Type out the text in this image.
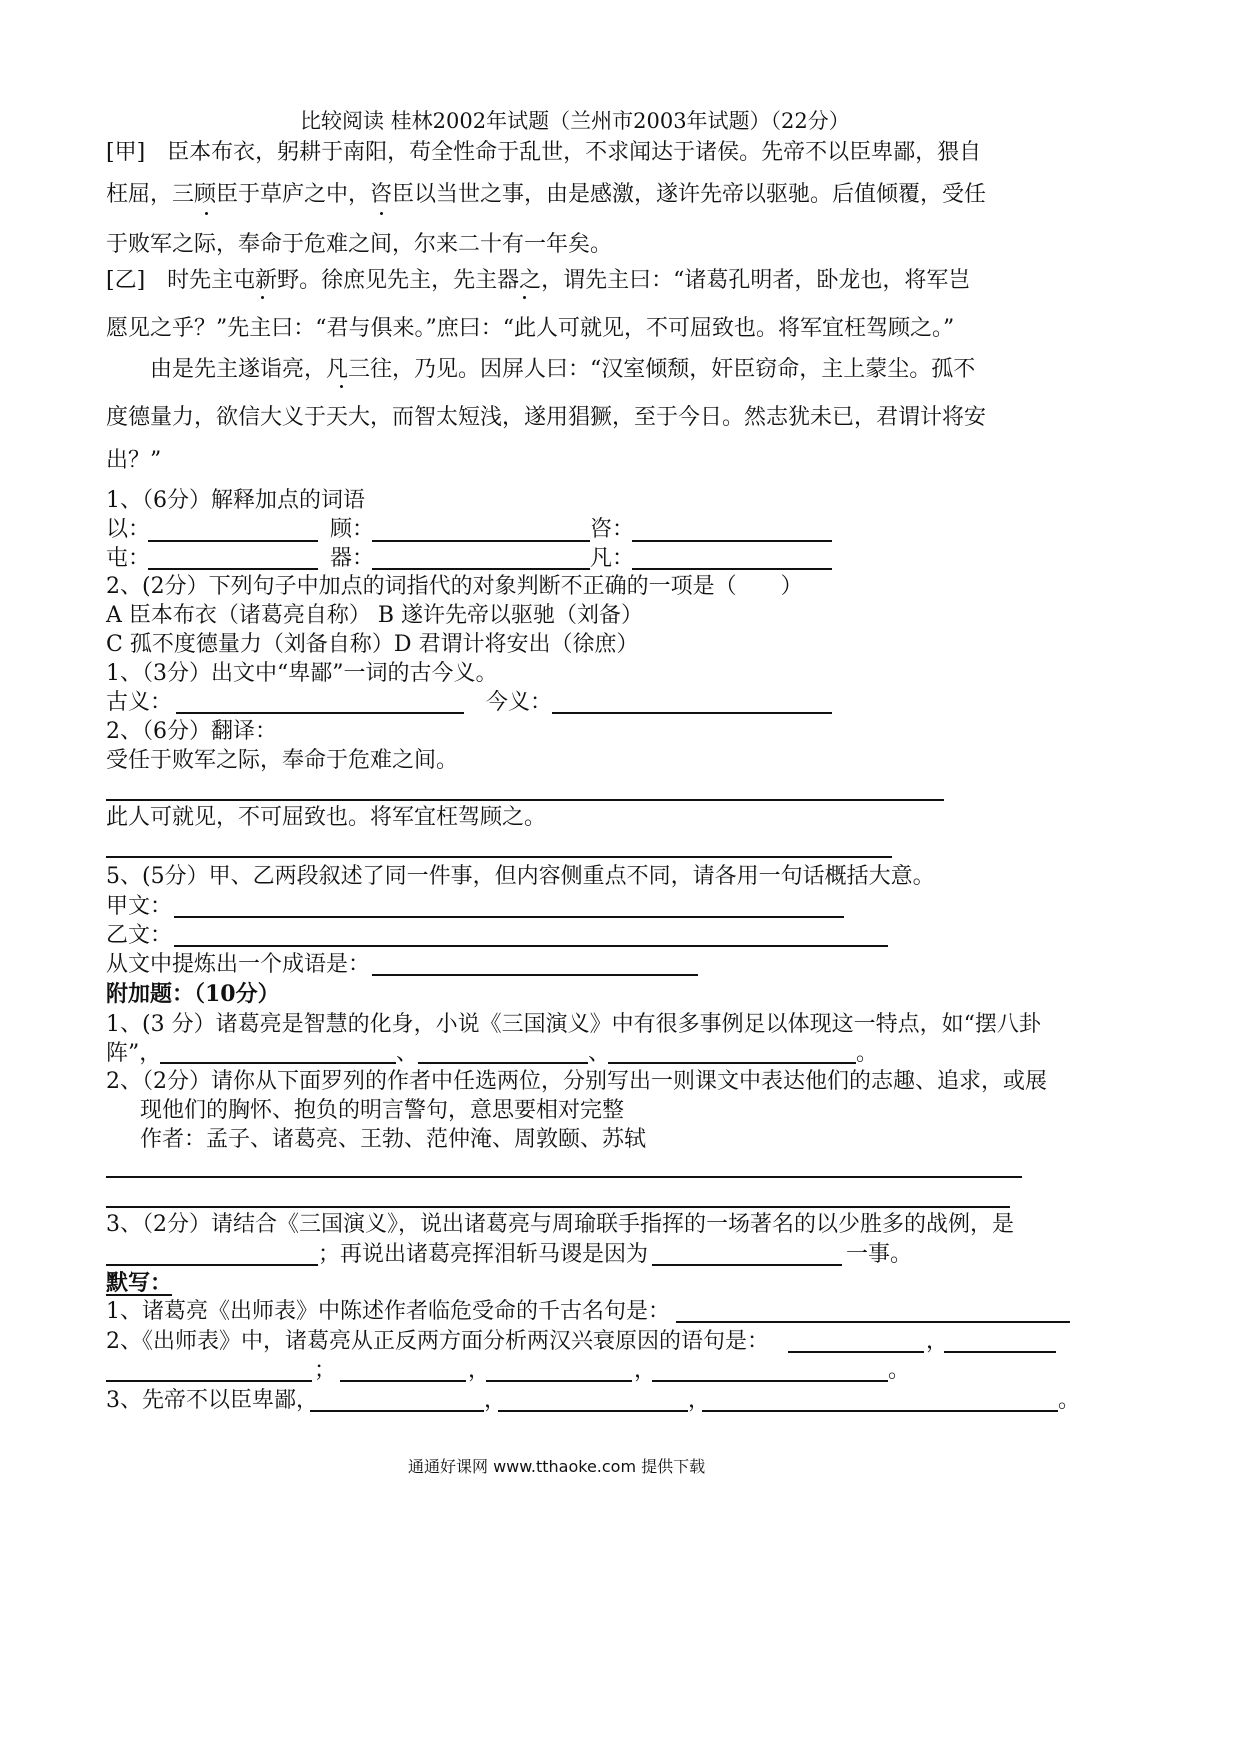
比较阅读 桂林2002年试题（兰州市2003年试题）（22分）
[甲]　臣本布衣，躬耕于南阳，苟全性命于乱世，不求闻达于诸侯。先帝不以臣卑鄙，猥自
枉屈，三顾臣于草庐之中，咨臣以当世之事，由是感激，遂许先帝以驱驰。后值倾覆，受任
于败军之际，奉命于危难之间，尔来二十有一年矣。
[乙]　时先主屯新野。徐庶见先主，先主器之，谓先主曰：“诸葛孔明者，卧龙也，将军岂
愿见之乎？”先主曰：“君与俱来。”庶曰：“此人可就见，不可屈致也。将军宜枉驾顾之。”
由是先主遂诣亮，凡三往，乃见。因屏人曰：“汉室倾颓，奸臣窃命，主上蒙尘。孤不
度德量力，欲信大义于天大，而智太短浅，遂用猖獗，至于今日。然志犹未已，君谓计将安
出？”
1、（6分）解释加点的词语
以：	顾：	咨：
屯：	器：	凡：
2、(2分）下列句子中加点的词指代的对象判断不正确的一项是（　　）
A 臣本布衣（诸葛亮自称） B 遂许先帝以驱驰（刘备）
C 孤不度德量力（刘备自称）D 君谓计将安出（徐庶）
1、（3分）出文中“卑鄙”一词的古今义。
古义：	今义：
2、（6分）翻译：
受任于败军之际，奉命于危难之间。
此人可就见，不可屈致也。将军宜枉驾顾之。
5、(5分）甲、乙两段叙述了同一件事，但内容侧重点不同，请各用一句话概括大意。
甲文：
乙文：
从文中提炼出一个成语是：
附加题：（10分）
1、(3 分）诸葛亮是智慧的化身，小说《三国演义》中有很多事例足以体现这一特点，如“摆八卦
阵”，	、	、	。
2、（2分）请你从下面罗列的作者中任选两位，分别写出一则课文中表达他们的志趣、追求，或展
现他们的胸怀、抱负的明言警句，意思要相对完整
作者：孟子、诸葛亮、王勃、范仲淹、周敦颐、苏轼
3、（2分）请结合《三国演义》，说出诸葛亮与周瑜联手指挥的一场著名的以少胜多的战例，是
；再说出诸葛亮挥泪斩马谡是因为	一事。
默写：
1、诸葛亮《出师表》中陈述作者临危受命的千古名句是：
2、《出师表》中，诸葛亮从正反两方面分析两汉兴衰原因的语句是：	，
；	，	，	。
3、先帝不以臣卑鄙，	，	，	。
通通好课网 www.tthaoke.com 提供下载
